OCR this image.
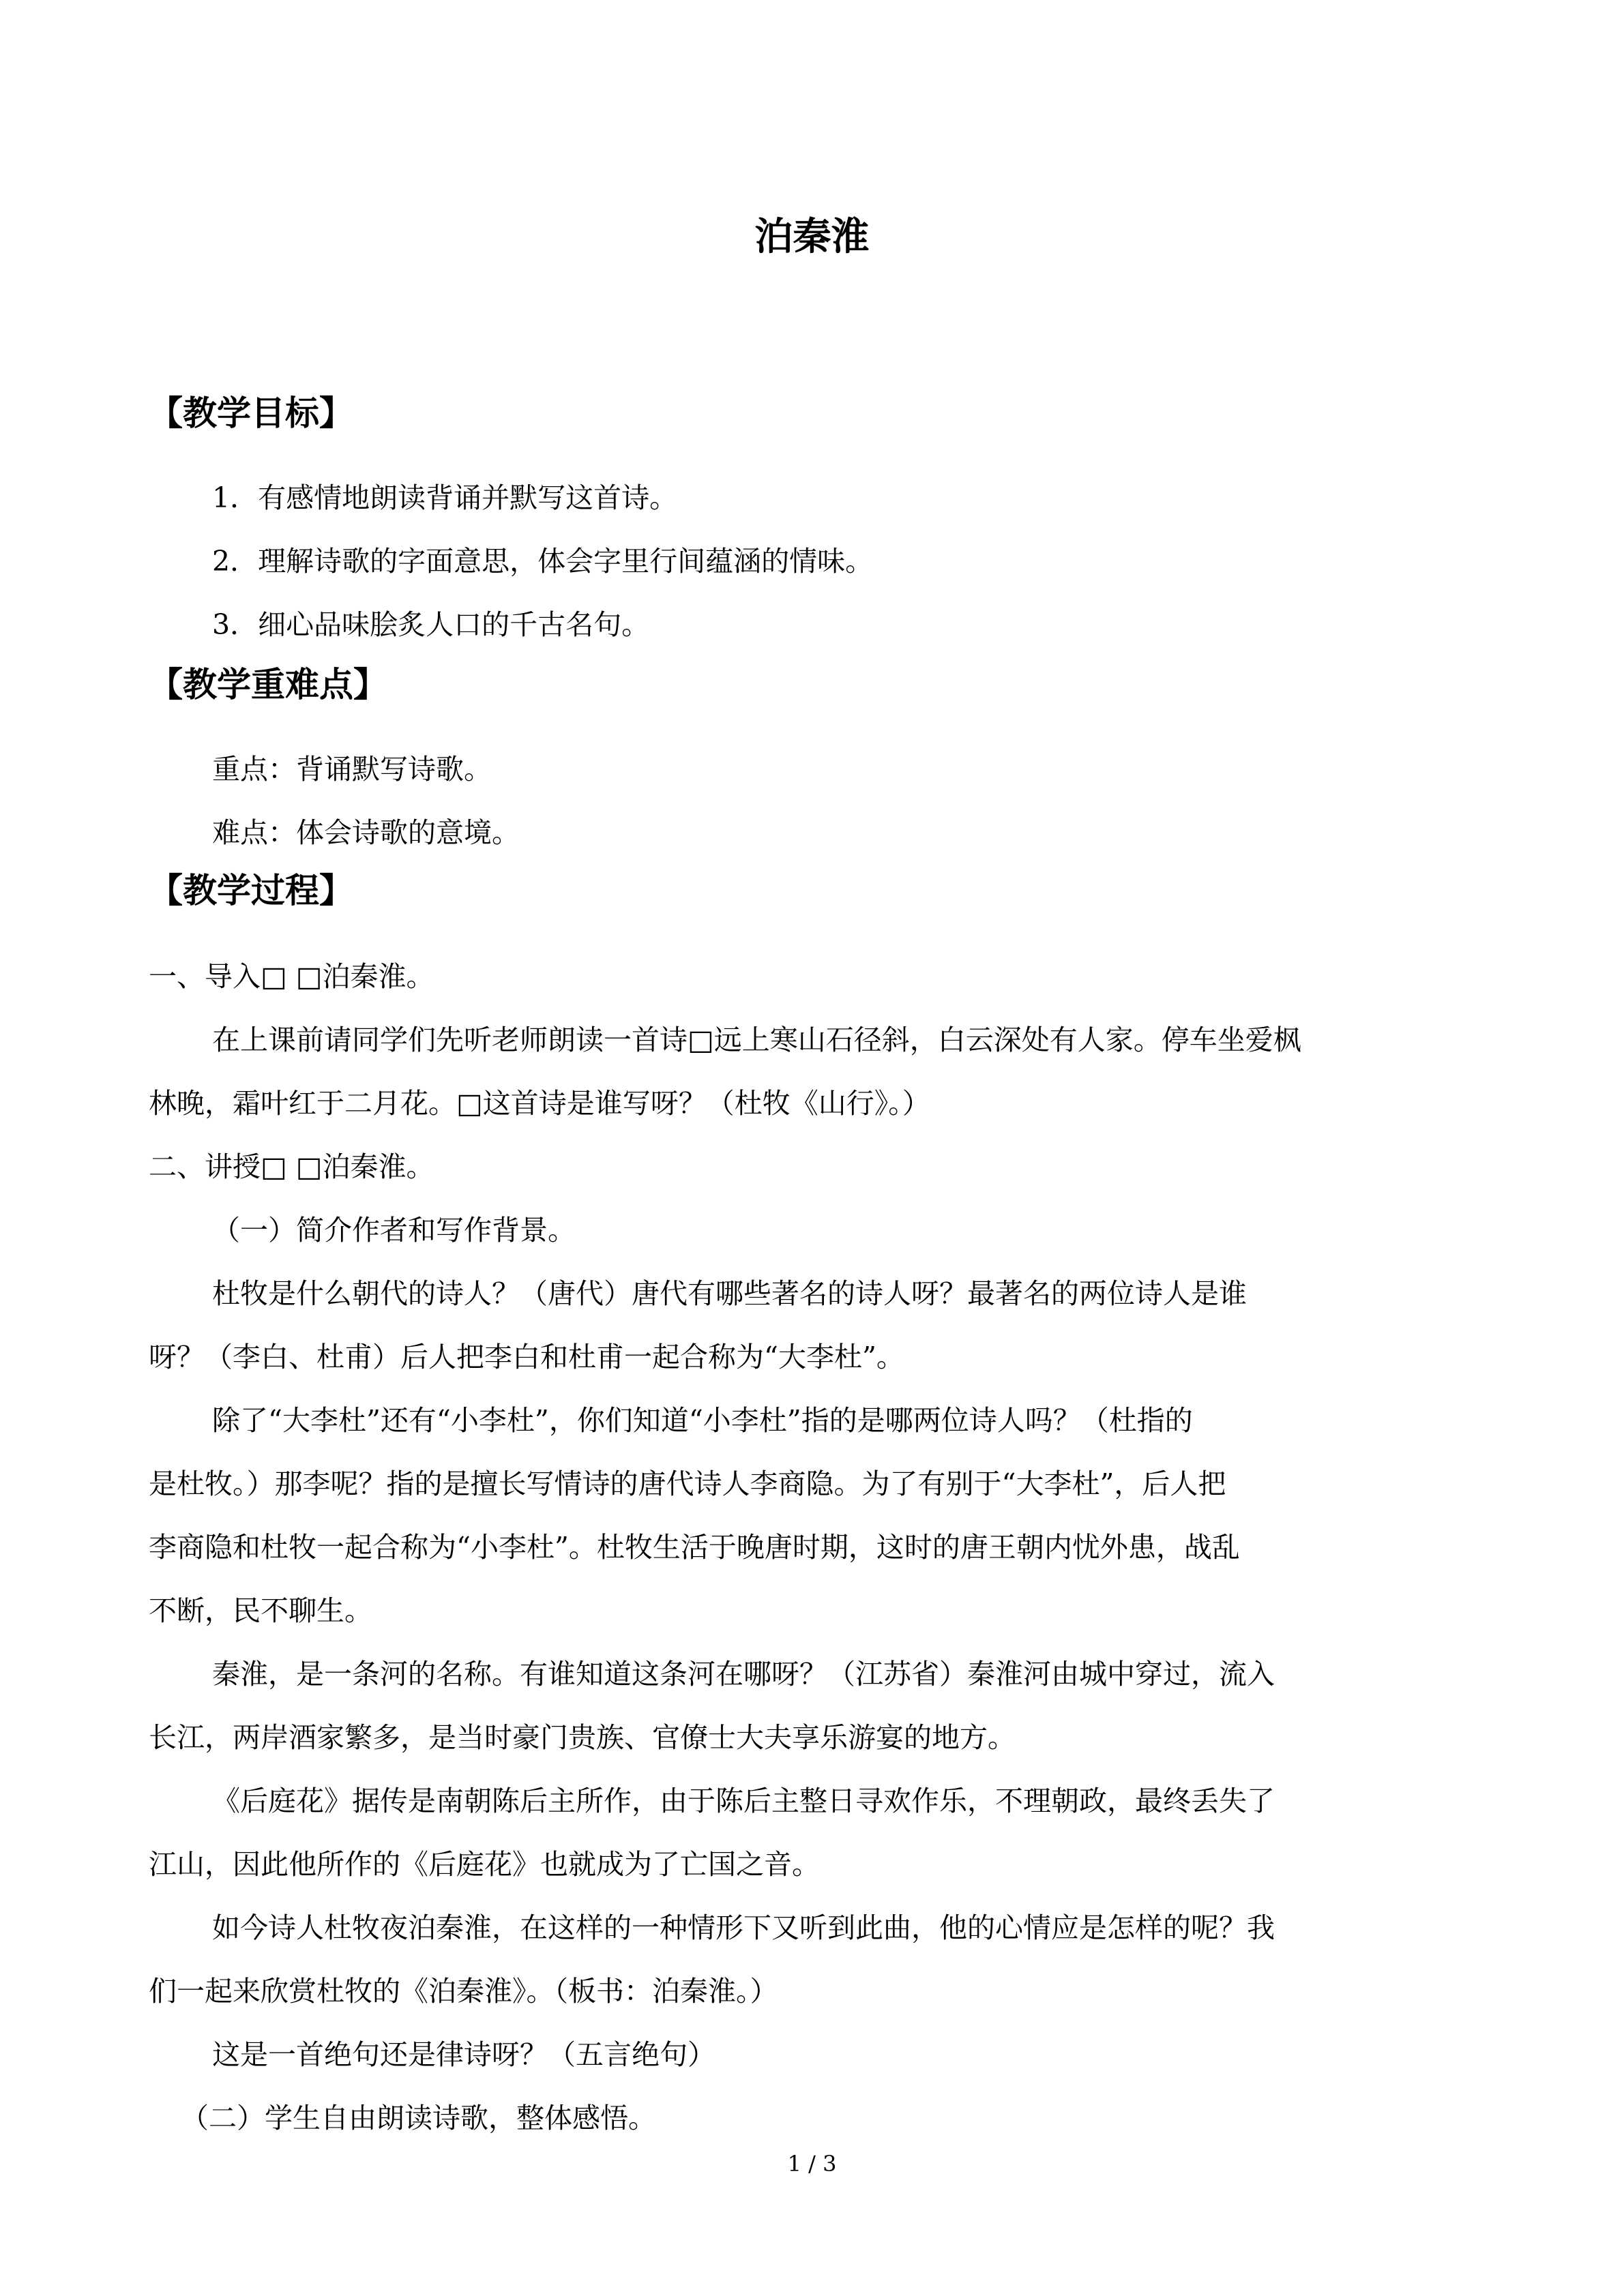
泊秦淮
【教学目标】
1．有感情地朗读背诵并默写这首诗。
2．理解诗歌的字面意思，体会字里行间蕴涵的情味。
3．细心品味脍炙人口的千古名句。
【教学重难点】
重点：背诵默写诗歌。
难点：体会诗歌的意境。
【教学过程】
一、导入□ □泊秦淮。
在上课前请同学们先听老师朗读一首诗□远上寒山石径斜，白云深处有人家。停车坐爱枫
林晚，霜叶红于二月花。□这首诗是谁写呀？（杜牧《山行》。）
二、讲授□ □泊秦淮。
（一）简介作者和写作背景。
杜牧是什么朝代的诗人？（唐代）唐代有哪些著名的诗人呀？最著名的两位诗人是谁
呀？（李白、杜甫）后人把李白和杜甫一起合称为“大李杜”。
除了“大李杜”还有“小李杜”，你们知道“小李杜”指的是哪两位诗人吗？（杜指的
是杜牧。）那李呢？指的是擅长写情诗的唐代诗人李商隐。为了有别于“大李杜”，后人把
李商隐和杜牧一起合称为“小李杜”。杜牧生活于晚唐时期，这时的唐王朝内忧外患，战乱
不断，民不聊生。
秦淮，是一条河的名称。有谁知道这条河在哪呀？（江苏省）秦淮河由城中穿过，流入
长江，两岸酒家繁多，是当时豪门贵族、官僚士大夫享乐游宴的地方。
《后庭花》据传是南朝陈后主所作，由于陈后主整日寻欢作乐，不理朝政，最终丢失了
江山，因此他所作的《后庭花》也就成为了亡国之音。
如今诗人杜牧夜泊秦淮，在这样的一种情形下又听到此曲，他的心情应是怎样的呢？我
们一起来欣赏杜牧的《泊秦淮》。（板书：泊秦淮。）
这是一首绝句还是律诗呀？（五言绝句）
（二）学生自由朗读诗歌，整体感悟。
1 / 3
